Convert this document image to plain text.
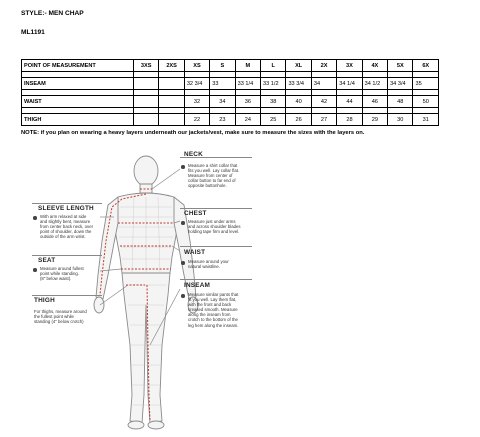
STYLE:- MEN CHAP
ML1191
POINT OF MEASUREMENT	3XS	2XS	XS	S	M	L	XL	2X	3X	4X	5X	6X

INSEAM			32 3/4	33	33 1/4	33 1/2	33 3/4	34	34 1/4	34 1/2	34 3/4	35

WAIST			32	34	36	38	40	42	44	46	48	50

THIGH			22	23	24	25	26	27	28	29	30	31
NOTE: if you plan on wearing a heavy layers underneath our jackets/vest, make sure to measure the sizes with the layers on.
NECK
Measure a shirt collar that
fits you well. Lay collar flat.
Measure from center of
collar button to far end of
opposite buttonhole.
CHEST
Measure just under arms
and across shoulder blades
holding tape firm and level.
WAIST
Measure around your
natural waistline.
INSEAM
Measure similar pants that
fit you well. Lay them flat,
with the front and back
creased smooth. Measure
along the inseam from
crotch to the bottom of the
leg hem along the inseam.
SLEEVE LENGTH
With arm relaxed at side
and slightly bent, measure
from center back neck, over
point of shoulder, down the
outside of the arm wrist.
SEAT
Measure around fullest
point while standing.
(8" below waist).
THIGH
For thighs, measure around
the fullest point while
standing (4" below crotch)
